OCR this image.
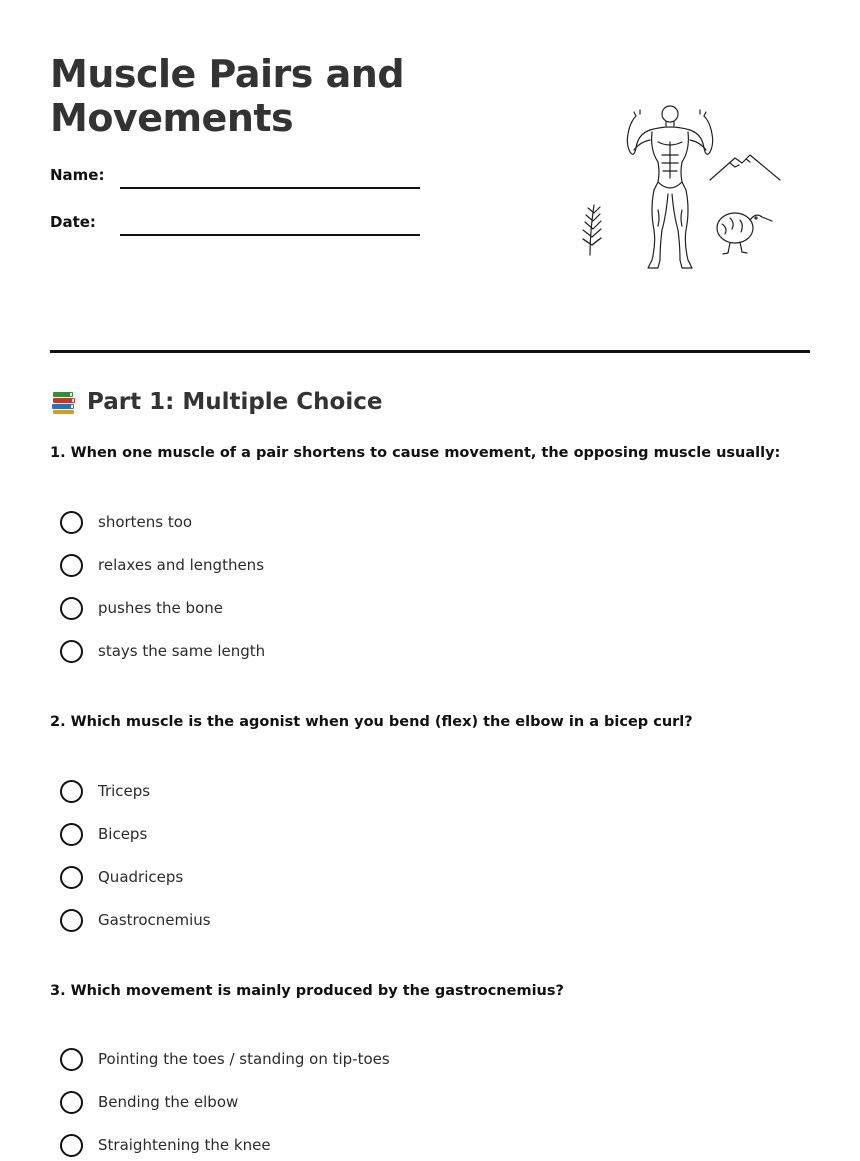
Muscle Pairs and Movements
Name:
Date:
Part 1: Multiple Choice
1. When one muscle of a pair shortens to cause movement, the opposing muscle usually:
shortens too
relaxes and lengthens
pushes the bone
stays the same length
2. Which muscle is the agonist when you bend (flex) the elbow in a bicep curl?
Triceps
Biceps
Quadriceps
Gastrocnemius
3. Which movement is mainly produced by the gastrocnemius?
Pointing the toes / standing on tip-toes
Bending the elbow
Straightening the knee
